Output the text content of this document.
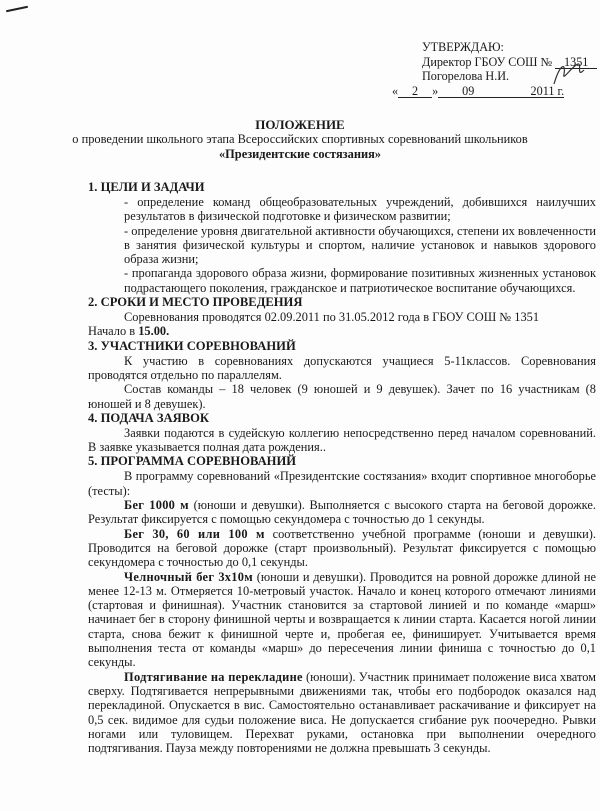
УТВЕРЖДАЮ:
Директор ГБОУ СОШ № 1351
Погорелова Н.И.
« 2 » 09	2011 г.
ПОЛОЖЕНИЕ
о проведении школьного этапа Всероссийских спортивных соревнований школьников
«Президентские состязания»

1. ЦЕЛИ И ЗАДАЧИ

- определение команд общеобразовательных учреждений, добившихся наилучших результатов в физической подготовке и физическом развитии;

- определение уровня двигательной активности обучающихся, степени их вовлеченности в занятия физической культуры и спортом, наличие установок и навыков здорового образа жизни;

- пропаганда здорового образа жизни, формирование позитивных жизненных установок подрастающего поколения, гражданское и патриотическое воспитание обучающихся.

2. СРОКИ И МЕСТО ПРОВЕДЕНИЯ

Соревнования проводятся 02.09.2011 по 31.05.2012 года в ГБОУ СОШ № 1351

Начало в 15.00.

3. УЧАСТНИКИ СОРЕВНОВАНИЙ

К участию в соревнованиях допускаются учащиеся 5-11классов. Соревнования проводятся отдельно по параллелям.

Состав команды – 18 человек (9 юношей и 9 девушек). Зачет по 16 участникам (8 юношей и 8 девушек).

4. ПОДАЧА ЗАЯВОК

Заявки подаются в судейскую коллегию непосредственно перед началом соревнований. В заявке указывается полная дата рождения..

5. ПРОГРАММА СОРЕВНОВАНИЙ

В программу соревнований «Президентские состязания» входит спортивное многоборье (тесты):

Бег 1000 м (юноши и девушки). Выполняется с высокого старта на беговой дорожке. Результат фиксируется с помощью секундомера с точностью до 1 секунды.

Бег 30, 60 или 100 м соответственно учебной программе (юноши и девушки). Проводится на беговой дорожке (старт произвольный). Результат фиксируется с помощью секундомера с точностью до 0,1 секунды.

Челночный бег 3х10м (юноши и девушки). Проводится на ровной дорожке длиной не менее 12-13 м. Отмеряется 10-метровый участок. Начало и конец которого отмечают линиями (стартовая и финишная). Участник становится за стартовой линией и по команде «марш» начинает бег в сторону финишной черты и возвращается к линии старта. Касается ногой линии старта, снова бежит к финишной черте и, пробегая ее, финиширует. Учитывается время выполнения теста от команды «марш» до пересечения линии финиша с точностью до 0,1 секунды.

Подтягивание на перекладине (юноши). Участник принимает положение виса хватом сверху. Подтягивается непрерывными движениями так, чтобы его подбородок оказался над перекладиной. Опускается в вис. Самостоятельно останавливает раскачивание и фиксирует на 0,5 сек. видимое для судьи положение виса. Не допускается сгибание рук поочередно. Рывки ногами или туловищем. Перехват руками, остановка при выполнении очередного подтягивания. Пауза между повторениями не должна превышать 3 секунды.
